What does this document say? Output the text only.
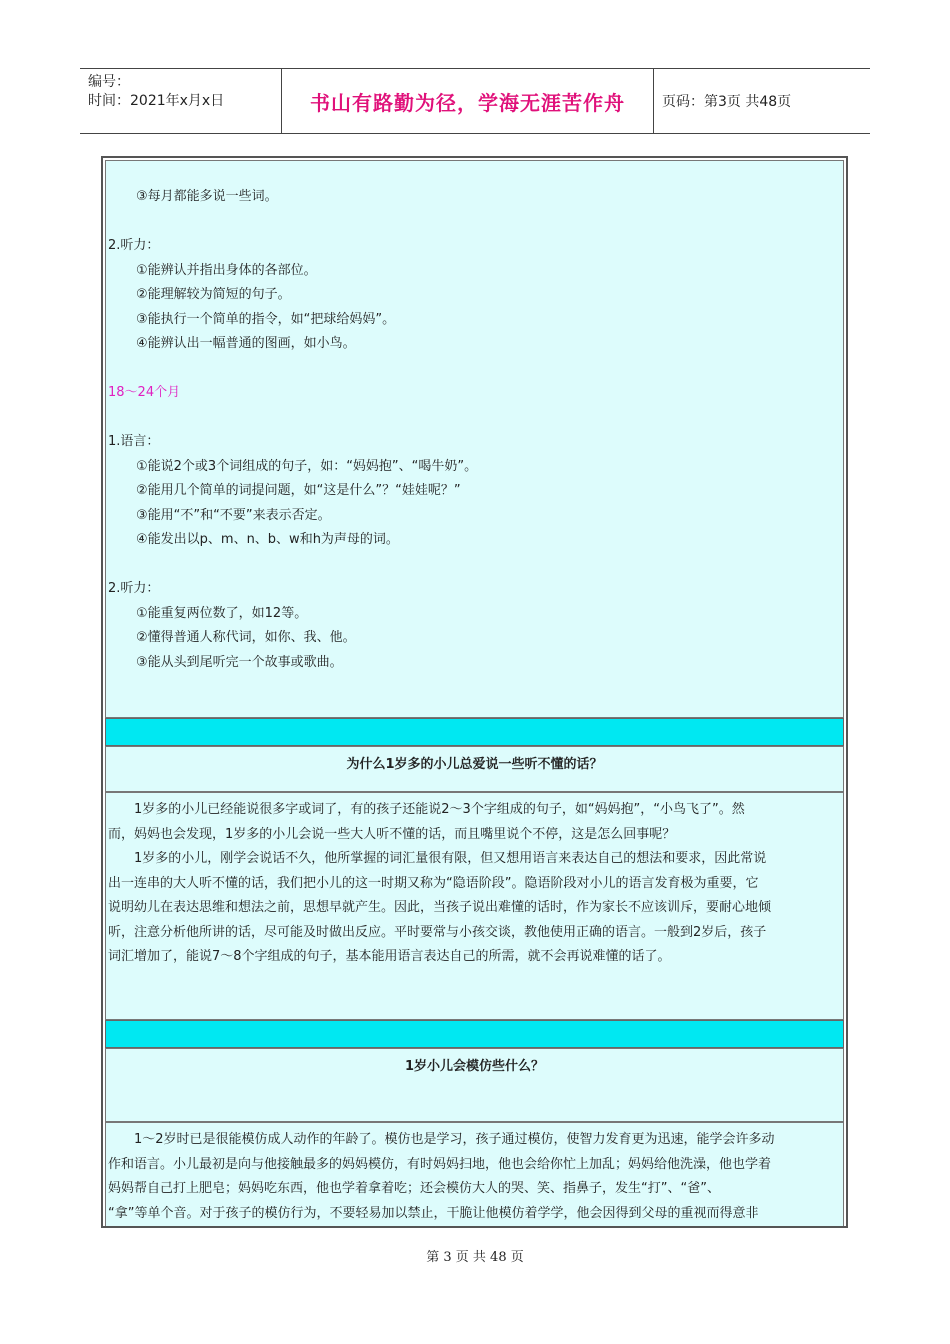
编号：
时间：2021年x月x日	书山有路勤为径，学海无涯苦作舟	页码：第3页 共48页
③每月都能多说一些词。
2.听力：
①能辨认并指出身体的各部位。
②能理解较为简短的句子。
③能执行一个简单的指令，如“把球给妈妈”。
④能辨认出一幅普通的图画，如小鸟。
18～24个月
1.语言：
①能说2个或3个词组成的句子，如：“妈妈抱”、“喝牛奶”。
②能用几个简单的词提问题，如“这是什么”？“娃娃呢？”
③能用“不”和“不要”来表示否定。
④能发出以p、m、n、b、w和h为声母的词。
2.听力：
①能重复两位数了，如12等。
②懂得普通人称代词，如你、我、他。
③能从头到尾听完一个故事或歌曲。
为什么1岁多的小儿总爱说一些听不懂的话？
　　1岁多的小儿已经能说很多字或词了，有的孩子还能说2～3个字组成的句子，如“妈妈抱”，“小鸟飞了”。然
而，妈妈也会发现，1岁多的小儿会说一些大人听不懂的话，而且嘴里说个不停，这是怎么回事呢？
　　1岁多的小儿，刚学会说话不久，他所掌握的词汇量很有限，但又想用语言来表达自己的想法和要求，因此常说
出一连串的大人听不懂的话，我们把小儿的这一时期又称为“隐语阶段”。隐语阶段对小儿的语言发育极为重要，它
说明幼儿在表达思维和想法之前，思想早就产生。因此，当孩子说出难懂的话时，作为家长不应该训斥，要耐心地倾
听，注意分析他所讲的话，尽可能及时做出反应。平时要常与小孩交谈，教他使用正确的语言。一般到2岁后，孩子
词汇增加了，能说7～8个字组成的句子，基本能用语言表达自己的所需，就不会再说难懂的话了。
1岁小儿会模仿些什么？
　　1～2岁时已是很能模仿成人动作的年龄了。模仿也是学习，孩子通过模仿，使智力发育更为迅速，能学会许多动
作和语言。小儿最初是向与他接触最多的妈妈模仿，有时妈妈扫地，他也会给你忙上加乱；妈妈给他洗澡，他也学着
妈妈帮自己打上肥皂；妈妈吃东西，他也学着拿着吃；还会模仿大人的哭、笑、指鼻子，发生“打”、“爸”、
“拿”等单个音。对于孩子的模仿行为，不要轻易加以禁止，干脆让他模仿着学学，他会因得到父母的重视而得意非
第 3 页 共 48 页
